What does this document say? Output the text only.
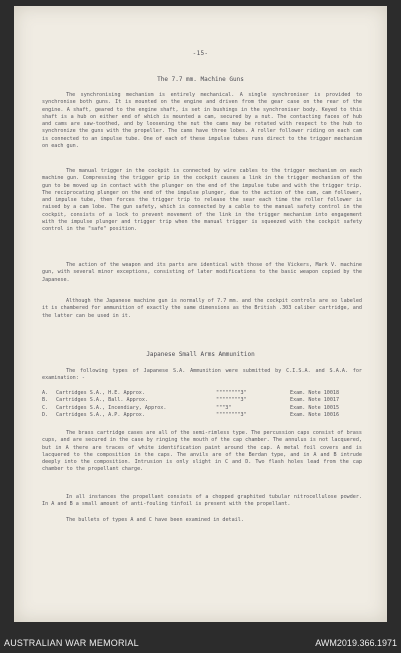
-15-
The 7.7 mm. Machine Guns
The synchronising mechanism is entirely mechanical. A single synchroniser is provided to synchronise both guns. It is mounted on the engine and driven from the gear case on the rear of the engine. A shaft, geared to the engine shaft, is set in bushings in the synchroniser body. Keyed to this shaft is a hub on either end of which is mounted a cam, secured by a nut. The contacting faces of hub and cams are saw-toothed, and by loosening the nut the cams may be rotated with respect to the hub to synchronize the guns with the propeller. The cams have three lobes. A roller follower riding on each cam is connected to an impulse tube. One of each of these impulse tubes runs direct to the trigger mechanism on each gun.
The manual trigger in the cockpit is connected by wire cables to the trigger mechanism on each machine gun. Compressing the trigger grip in the cockpit causes a link in the trigger mechanism of the gun to be moved up in contact with the plunger on the end of the impulse tube and with the trigger trip. The reciprocating plunger on the end of the impulse plunger, due to the action of the cam, cam follower, and impulse tube, then forces the trigger trip to release the sear each time the roller follower is raised by a cam lobe. The gun safety, which is connected by a cable to the manual safety control in the cockpit, consists of a lock to prevent movement of the link in the trigger mechanism into engagement with the impulse plunger and trigger trip when the manual trigger is squeezed with the cockpit safety control in the "safe" position.
The action of the weapon and its parts are identical with those of the Vickers, Mark V. machine gun, with several minor exceptions, consisting of later modifications to the basic weapon copied by the Japanese.
Although the Japanese machine gun is normally of 7.7 mm. and the cockpit controls are so labeled it is chambered for ammunition of exactly the same dimensions as the British .303 caliber cartridge, and the latter can be used in it.
Japanese Small Arms Ammunition
The following types of Japanese S.A. Ammunition were submitted by C.I.S.A. and S.A.A. for examination: -
A.	Cartridges S.A., H.E. Approx.	""""""""3"	Exam. Note 10018
B.	Cartridges S.A., Ball. Approx.	""""""""3"	Exam. Note 10017
C.	Cartridges S.A., Incendiary, Approx.	"""3"	Exam. Note 10015
D.	Cartridges S.A., A.P. Approx.	""""""""3"	Exam. Note 10016
The brass cartridge cases are all of the semi-rimless type. The percussion caps consist of brass cups, and are secured in the case by ringing the mouth of the cap chamber. The annulus is not lacquered, but in A there are traces of white identification paint around the cap. A metal foil covers and is lacquered to the composition in the caps. The anvils are of the Berdan type, and in A and B intrude deeply into the composition. Intrusion is only slight in C and D. Two flash holes lead from the cap chamber to the propellant charge.
In all instances the propellant consists of a chopped graphited tubular nitrocellulose powder. In A and B a small amount of anti-fouling tinfoil is present with the propellant.
The bullets of types A and C have been examined in detail.
AUSTRALIAN WAR MEMORIAL	AWM2019.366.1971
